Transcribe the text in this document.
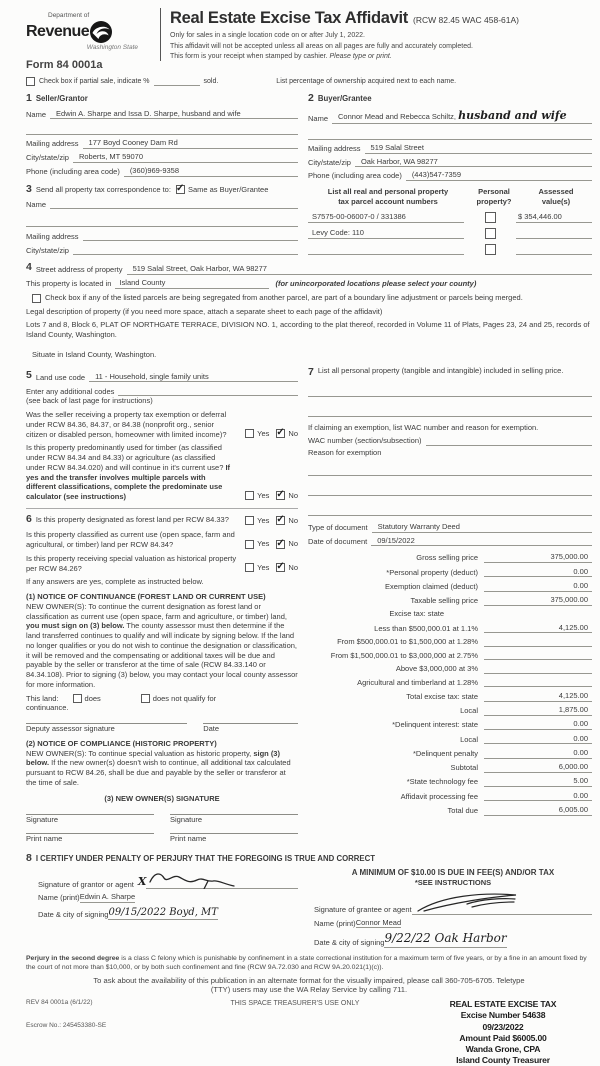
Department of
Revenue
Washington State
Form 84 0001a
Real Estate Excise Tax Affidavit (RCW 82.45 WAC 458-61A)
Only for sales in a single location code on or after July 1, 2022.
This affidavit will not be accepted unless all areas on all pages are fully and accurately completed.
This form is your receipt when stamped by cashier. Please type or print.
Check box if partial sale, indicate %	sold.	List percentage of ownership acquired next to each name.
1 Seller/Grantor
Name	Edwin A. Sharpe and Issa D. Sharpe, husband and wife
Mailing address	177 Boyd Cooney Dam Rd
City/state/zip	Roberts, MT 59070
Phone (including area code)	(360)969-9358
3 Send all property tax correspondence to: ✓ Same as Buyer/Grantee
Name
Mailing address
City/state/zip
2 Buyer/Grantee
Name	Connor Mead and Rebecca Schiltz, husband and wife
Mailing address	519 Salal Street
City/state/zip	Oak Harbor, WA 98277
Phone (including area code)	(443)547-7359
List all real and personal property tax parcel account numbers
Personal
property?
Assessed
value(s)
S7575-00-06007-0 / 331386	$ 354,446.00
Levy Code: 110
4 Street address of property	519 Salal Street, Oak Harbor, WA 98277
This property is located in	Island County	(for unincorporated locations please select your county)
Check box if any of the listed parcels are being segregated from another parcel, are part of a boundary line adjustment or parcels being merged.
Legal description of property (if you need more space, attach a separate sheet to each page of the affidavit)
Lots 7 and 8, Block 6, PLAT OF NORTHGATE TERRACE, DIVISION NO. 1, according to the plat thereof, recorded in Volume 11 of Plats, Pages 23, 24 and 25, records of Island County, Washington.
Situate in Island County, Washington.
5 Land use code	11 - Household, single family units
Enter any additional codes
(see back of last page for instructions)
Was the seller receiving a property tax exemption or deferral under RCW 84.36, 84.37, or 84.38 (nonprofit org., senior citizen or disabled person, homeowner with limited income)?	Yes ✓	No
Is this property predominantly used for timber (as classified under RCW 84.34 and 84.33) or agriculture (as classified under RCW 84.34.020) and will continue in it's current use? If yes and the transfer involves multiple parcels with different classifications, complete the predominate use calculator (see instructions)	Yes ✓	No
6 Is this property designated as forest land per RCW 84.33?	Yes ✓	No
Is this property classified as current use (open space, farm and agricultural, or timber) land per RCW 84.34?	Yes ✓	No
Is this property receiving special valuation as historical property per RCW 84.26?	Yes ✓	No
If any answers are yes, complete as instructed below.
(1) NOTICE OF CONTINUANCE (FOREST LAND OR CURRENT USE)
NEW OWNER(S): To continue the current designation as forest land or classification as current use (open space, farm and agriculture, or timber) land, you must sign on (3) below. The county assessor must then determine if the land transferred continues to qualify and will indicate by signing below. If the land no longer qualifies or you do not wish to continue the designation or classification, it will be removed and the compensating or additional taxes will be due and payable by the seller or transferor at the time of sale (RCW 84.33.140 or 84.34.108). Prior to signing (3) below, you may contact your local county assessor for more information.
This land:	does	does not qualify for
continuance.
Deputy assessor signature	Date
(2) NOTICE OF COMPLIANCE (HISTORIC PROPERTY)
NEW OWNER(S): To continue special valuation as historic property, sign (3) below. If the new owner(s) doesn't wish to continue, all additional tax calculated pursuant to RCW 84.26, shall be due and payable by the seller or transferor at the time of sale.
(3) NEW OWNER(S) SIGNATURE
Signature	Signature
Print name	Print name
7 List all personal property (tangible and intangible) included in selling price.
If claiming an exemption, list WAC number and reason for exemption.
WAC number (section/subsection)
Reason for exemption
Type of document	Statutory Warranty Deed
Date of document	09/15/2022
Gross selling price	375,000.00
*Personal property (deduct)	0.00
Exemption claimed (deduct)	0.00
Taxable selling price	375,000.00
Excise tax: state
Less than $500,000.01 at 1.1%	4,125.00
From $500,000.01 to $1,500,000 at 1.28%
From $1,500,000.01 to $3,000,000 at 2.75%
Above $3,000,000 at 3%
Agricultural and timberland at 1.28%
Total excise tax: state	4,125.00
Local	1,875.00
*Delinquent interest: state	0.00
Local	0.00
*Delinquent penalty	0.00
Subtotal	6,000.00
*State technology fee	5.00
Affidavit processing fee	0.00
Total due	6,005.00
8 I CERTIFY UNDER PENALTY OF PERJURY THAT THE FOREGOING IS TRUE AND CORRECT
Signature of grantor or agent X
Name (print) Edwin A. Sharpe
Date & city of signing 09/15/2022 Boyd, MT
A MINIMUM OF $10.00 IS DUE IN FEE(S) AND/OR TAX
*SEE INSTRUCTIONS
Signature of grantee or agent
Name (print) Connor Mead
Date & city of signing 9/22/22 Oak Harbor
Perjury in the second degree is a class C felony which is punishable by confinement in a state correctional institution for a maximum term of five years, or by a fine in an amount fixed by the court of not more than $10,000, or by both such confinement and fine (RCW 9A.72.030 and RCW 9A.20.021(1)(c)).
To ask about the availability of this publication in an alternate format for the visually impaired, please call 360-705-6705. Teletype
(TTY) users may use the WA Relay Service by calling 711.
REV 84 0001a (6/1/22)
Escrow No.: 245453380-SE
THIS SPACE TREASURER'S USE ONLY	REAL ESTATE EXCISE TAX
Excise Number 54638
09/23/2022
Amount Paid $6005.00
Wanda Grone, CPA
Island County Treasurer
